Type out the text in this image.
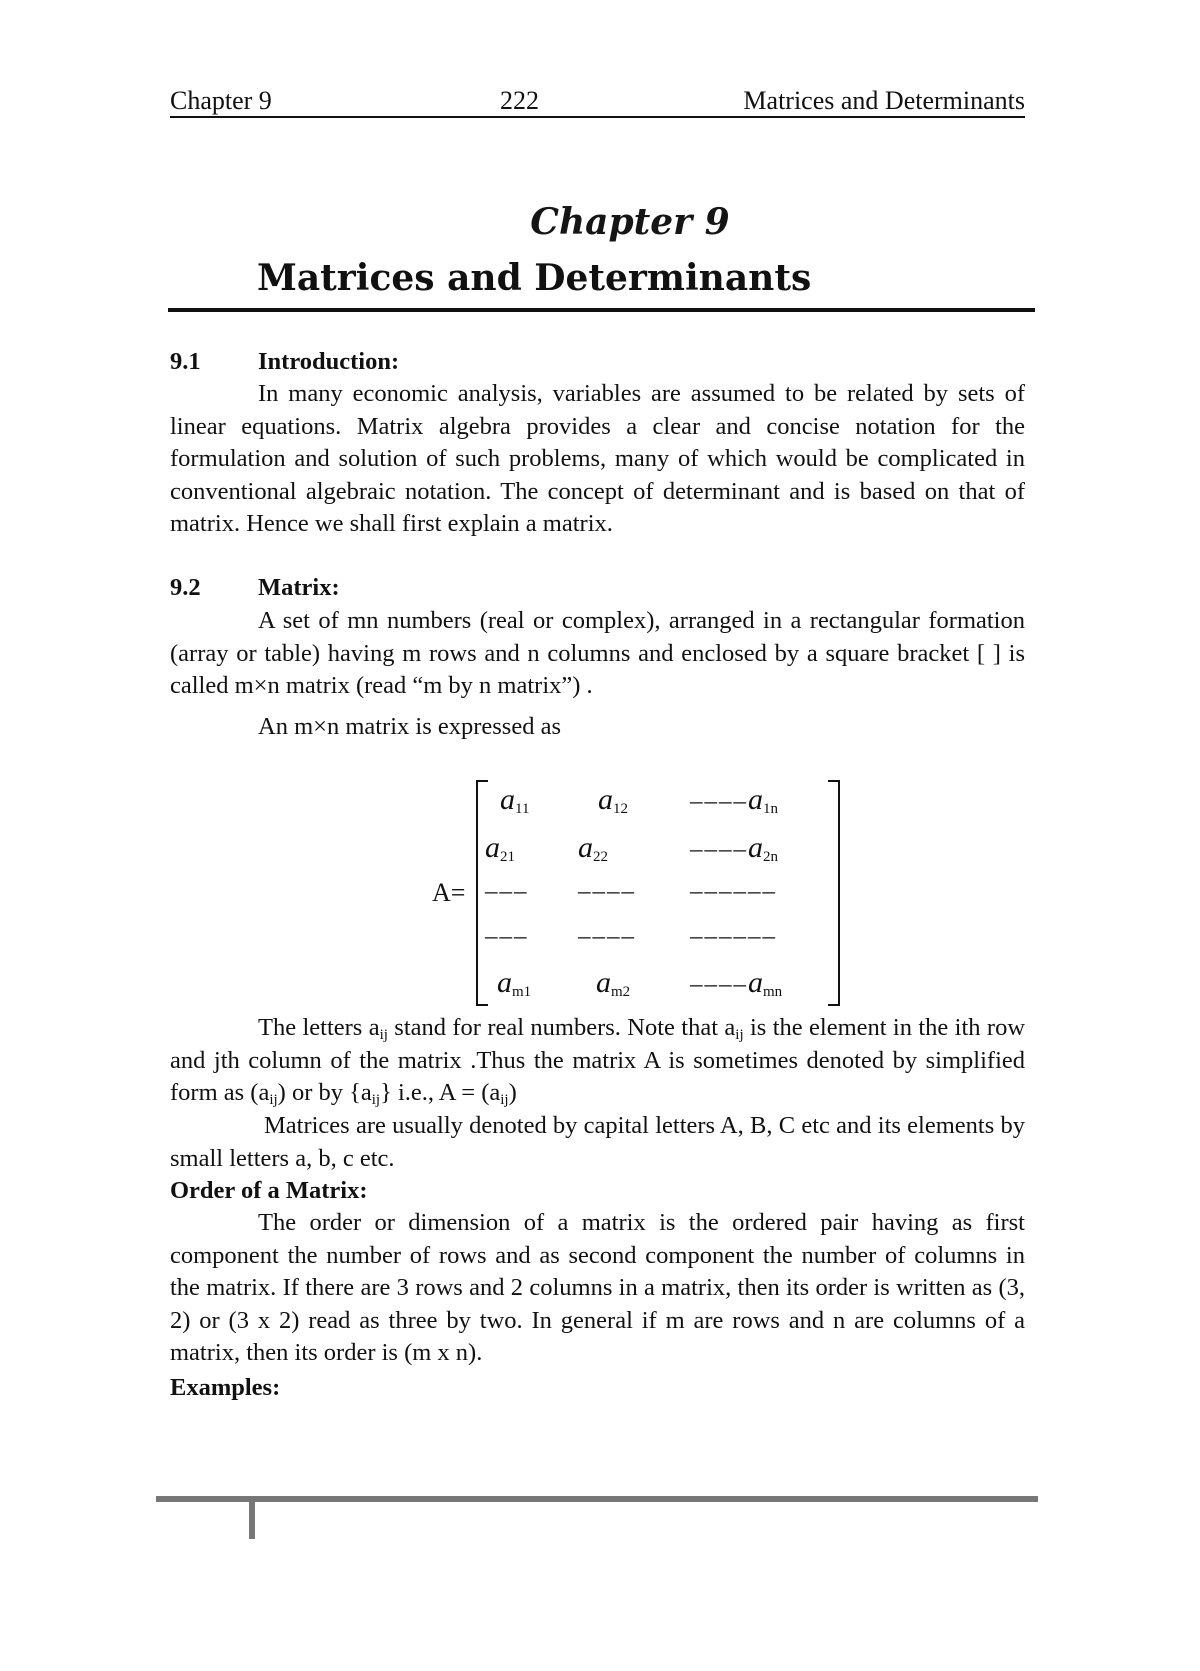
Chapter 9	222	Matrices and Determinants
Chapter 9
Matrices and Determinants
9.1 Introduction:
In many economic analysis, variables are assumed to be related by sets of linear equations. Matrix algebra provides a clear and concise notation for the formulation and solution of such problems, many of which would be complicated in conventional algebraic notation. The concept of determinant and is based on that of matrix. Hence we shall first explain a matrix.
9.2 Matrix:
A set of mn numbers (real or complex), arranged in a rectangular formation (array or table) having m rows and n columns and enclosed by a square bracket [ ] is called m×n matrix (read “m by n matrix”) .
An m×n matrix is expressed as
A=
$a_{11}$ $a_{12}$ $----a_{1n}$
$a_{21}$ $a_{22}$	$----a_{2n}$
––– –––– ––––––
––– –––– ––––––
$a_{m1}$ $a_{m2}$ $----a_{mn}$
The letters $a_{ij}$ stand for real numbers. Note that $a_{ij}$ is the element in the ith row and jth column of the matrix .Thus the matrix A is sometimes denoted by simplified form as $(a_{ij})$ or by $\{a_{ij}\}$ i.e., $A = (a_{ij})$
Matrices are usually denoted by capital letters A, B, C etc and its elements by small letters a, b, c etc.
Order of a Matrix:
The order or dimension of a matrix is the ordered pair having as first component the number of rows and as second component the number of columns in the matrix. If there are 3 rows and 2 columns in a matrix, then its order is written as (3, 2) or (3 x 2) read as three by two. In general if m are rows and n are columns of a matrix, then its order is (m x n).
Examples:
